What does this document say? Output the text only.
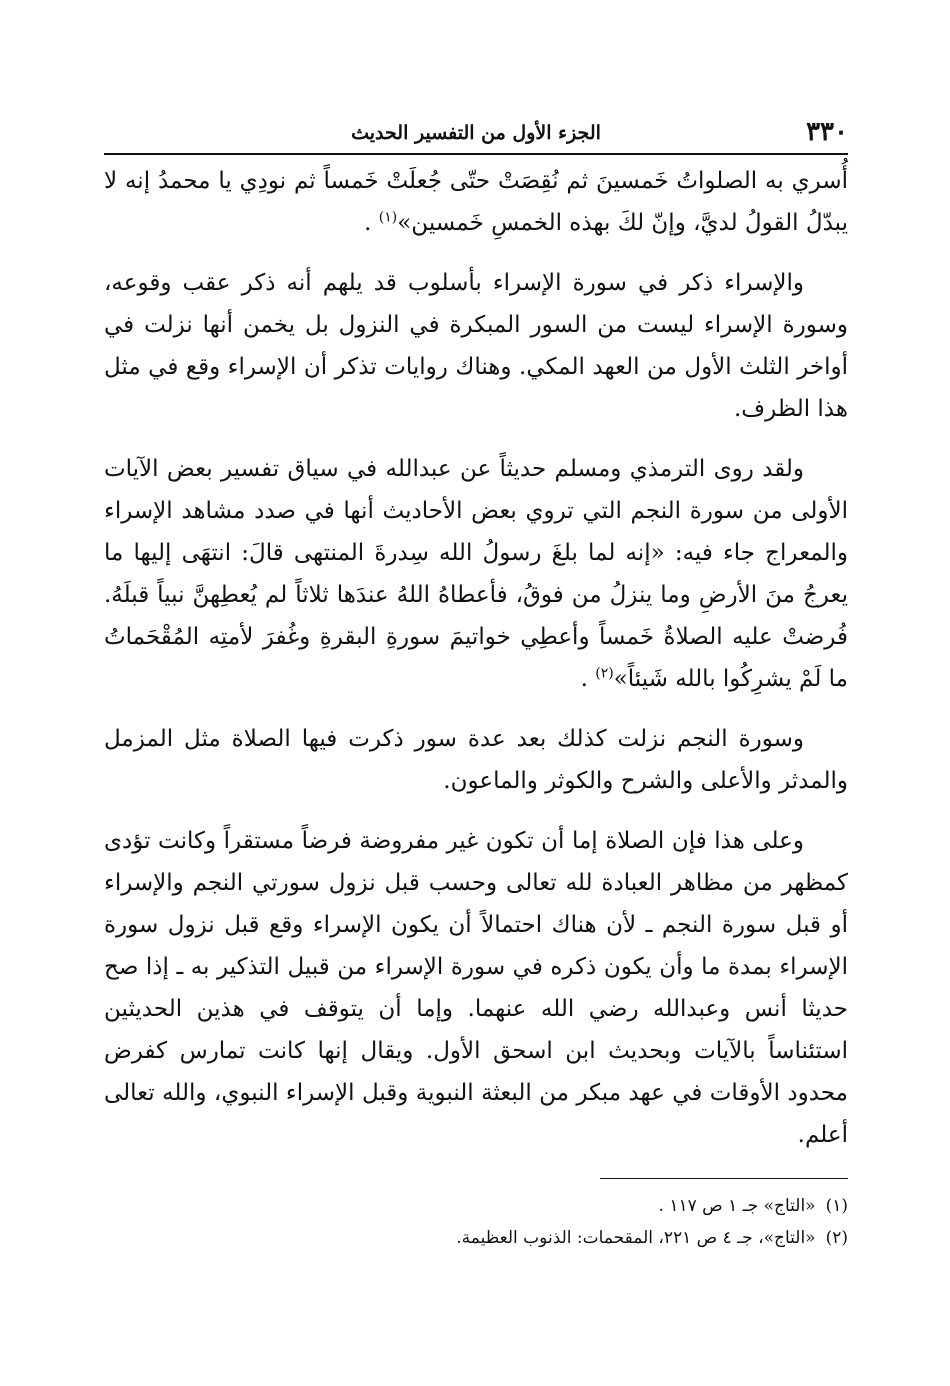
٣٣٠
الجزء الأول من التفسير الحديث

أُسري به الصلواتُ خَمسينَ ثم نُقِصَتْ حتّى جُعلَتْ خَمساً ثم نودِي يا محمدُ إنه لا يبدّلُ القولُ لديَّ، وإنّ لكَ بهذه الخمسِ خَمسين»$^{(١)}$ .

والإسراء ذكر في سورة الإسراء بأسلوب قد يلهم أنه ذكر عقب وقوعه، وسورة الإسراء ليست من السور المبكرة في النزول بل يخمن أنها نزلت في أواخر الثلث الأول من العهد المكي. وهناك روايات تذكر أن الإسراء وقع في مثل هذا الظرف.

ولقد روى الترمذي ومسلم حديثاً عن عبدالله في سياق تفسير بعض الآيات الأولى من سورة النجم التي تروي بعض الأحاديث أنها في صدد مشاهد الإسراء والمعراج جاء فيه: «إنه لما بلغَ رسولُ الله سِدرةَ المنتهى قالَ: انتهَى إليها ما يعرجُ منَ الأرضِ وما ينزلُ من فوقُ، فأعطاهُ اللهُ عندَها ثلاثاً لم يُعطِهنَّ نبياً قبلَهُ. فُرضتْ عليه الصلاةُ خَمساً وأعطِي خواتيمَ سورةِ البقرةِ وغُفرَ لأمتِه المُقْحَماتُ ما لَمْ يشرِكُوا بالله شَيئاً»$^{(٢)}$ .

وسورة النجم نزلت كذلك بعد عدة سور ذكرت فيها الصلاة مثل المزمل والمدثر والأعلى والشرح والكوثر والماعون.

وعلى هذا فإن الصلاة إما أن تكون غير مفروضة فرضاً مستقراً وكانت تؤدى كمظهر من مظاهر العبادة لله تعالى وحسب قبل نزول سورتي النجم والإسراء أو قبل سورة النجم ـ لأن هناك احتمالاً أن يكون الإسراء وقع قبل نزول سورة الإسراء بمدة ما وأن يكون ذكره في سورة الإسراء من قبيل التذكير به ـ إذا صح حديثا أنس وعبدالله رضي الله عنهما. وإما أن يتوقف في هذين الحديثين استئناساً بالآيات وبحديث ابن اسحق الأول. ويقال إنها كانت تمارس كفرض محدود الأوقات في عهد مبكر من البعثة النبوية وقبل الإسراء النبوي، والله تعالى أعلم.

(١)«التاج» جـ ١ ص ١١٧ .

(٢)«التاج»، جـ ٤ ص ٢٢١، المقحمات: الذنوب العظيمة.
